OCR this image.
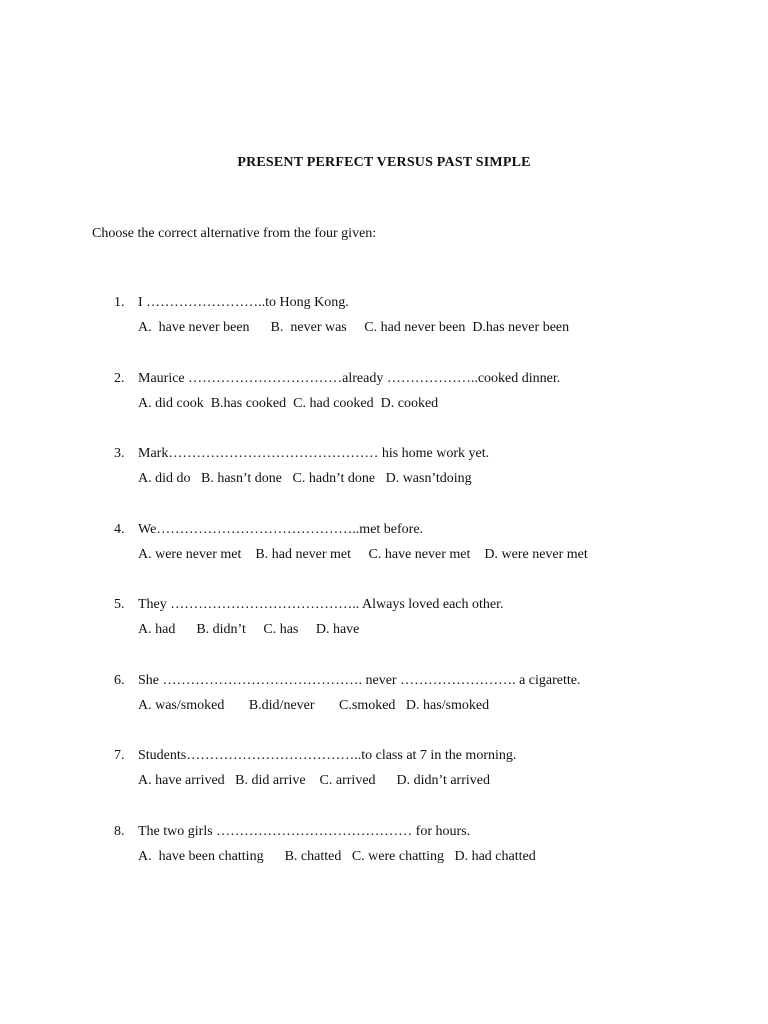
PRESENT PERFECT VERSUS PAST SIMPLE
Choose the correct alternative from the four given:
1. I ……………………..to Hong Kong.
A.  have never been      B.  never was     C. had never been  D.has never been
2. Maurice ……………………………already ………………..cooked dinner.
A. did cook  B.has cooked  C. had cooked  D. cooked
3. Mark……………………………………… his home work yet.
A. did do   B. hasn’t done   C. hadn’t done   D. wasn’tdoing
4. We……………………………………..met before.
A. were never met    B. had never met     C. have never met    D. were never met
5. They ………………………………….. Always loved each other.
A. had      B. didn’t     C. has     D. have
6. She ……………………………………. never ……………………. a cigarette.
A. was/smoked       B.did/never       C.smoked   D. has/smoked
7. Students………………………………..to class at 7 in the morning.
A. have arrived   B. did arrive    C. arrived      D. didn’t arrived
8. The two girls …………………………………… for hours.
A.  have been chatting      B. chatted   C. were chatting   D. had chatted
